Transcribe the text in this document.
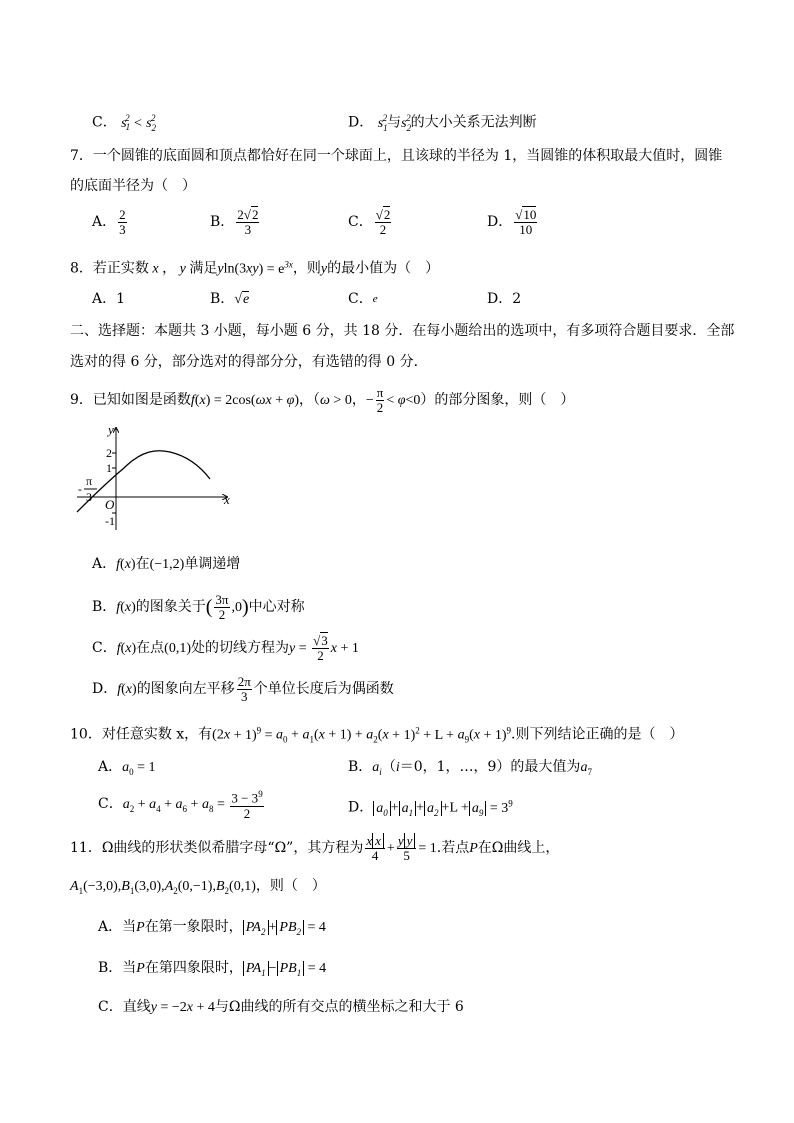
C． $s_1^2 < s_2^2$	D． $s_1^2$与$s_2^2$的大小关系无法判断
7．一个圆锥的底面圆和顶点都恰好在同一个球面上，且该球的半径为 1，当圆锥的体积取最大值时，圆锥
的底面半径为（　）
A． $\frac{2}{3}$	B． $\frac{2√2}{3}$	C． $\frac{√2}{2}$	D． $\frac{√10}{10}$
8．若正实数 x ， y 满足$yln(3xy) = e^{3x}$，则y的最小值为（　）
A．1	B．√e	C．$^e$	D．2
二、选择题：本题共 3 小题，每小题 6 分，共 18 分．在每小题给出的选项中，有多项符合题目要求．全部
选对的得 6 分，部分选对的得部分分，有选错的得 0 分．
9．已知如图是函数f(x) = 2cos(ωx + φ)，（ω > 0，− $\frac{\pi}{2} < \varphi<0$）的部分图象，则（　）
y
x
O
2
1
-1
π
3
-
A．f(x)在(−1,2)单调递增
B．f(x)的图象关于( $\frac{3\pi}{2} ,0$)中心对称
C．f(x)在点(0,1)处的切线方程为$y = \frac{√3}{2}$ x + 1
D．f(x)的图象向左平移 $\frac{2\pi}{3}$ 个单位长度后为偶函数
10．对任意实数 x，有$(2x + 1)^9 = a_0 + a_1(x + 1) + a_2(x + 1)^2 + L + a_9(x + 1)^9$.则下列结论正确的是（　）
A．$a_0 = 1$	B．$a_i(i=0$，1，…，9）的最大值为$a_7$
C．$a_2 + a_4 + a_6 + a_8 = \frac{3 - 3^9}{2}$	D． $a_0 + a_1 + a_2 +L + a_9 = 3^9$
11．Ω曲线的形状类似希腊字母“Ω”，其方程为 $\frac{\text{x x}}{4} + \frac{\text{y y}}{5} = 1$.若点P在Ω曲线上，
$A_1(-3,0),B_1(3,0),A_2(0,-1),B_2(0,1)$，则（　）
A．当P在第一象限时， $PA_2 + PB_2 = 4$
B．当P在第四象限时， $PA_1 - PB_1 = 4$
C．直线y = −2x + 4与Ω曲线的所有交点的横坐标之和大于 6
